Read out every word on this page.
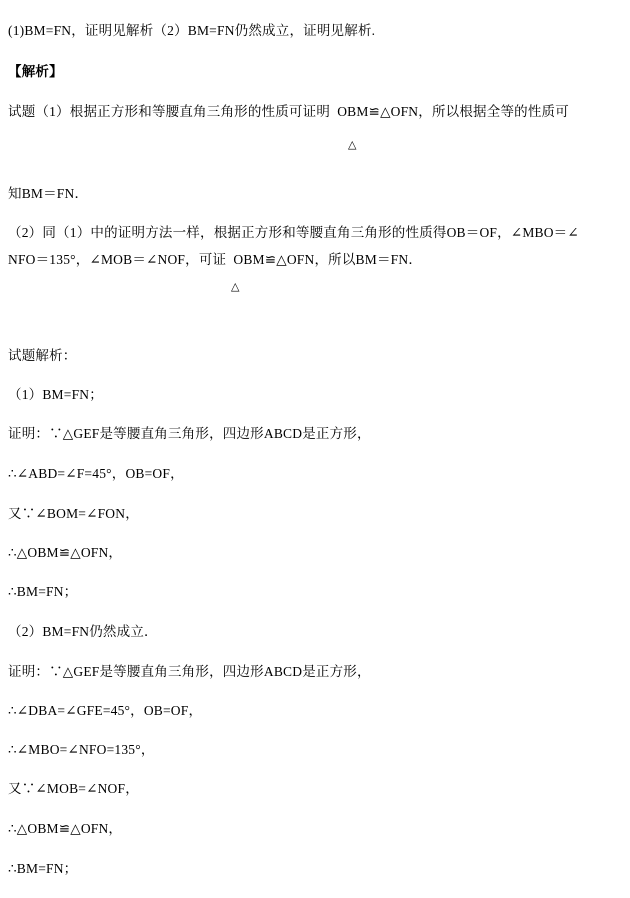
(1)BM=FN，证明见解析（2）BM=FN仍然成立，证明见解析.
【解析】
试题（1）根据正方形和等腰直角三角形的性质可证明  OBM≌△OFN，所以根据全等的性质可
△
知BM＝FN．
（2）同（1）中的证明方法一样，根据正方形和等腰直角三角形的性质得OB＝OF，∠MBO＝∠
NFO＝135°，∠MOB＝∠NOF，可证  OBM≌△OFN，所以BM＝FN．
△
试题解析：
（1）BM=FN；
证明：∵△GEF是等腰直角三角形，四边形ABCD是正方形，
∴∠ABD=∠F=45°，OB=OF，
又∵∠BOM=∠FON，
∴△OBM≌△OFN，
∴BM=FN；
（2）BM=FN仍然成立．
证明：∵△GEF是等腰直角三角形，四边形ABCD是正方形，
∴∠DBA=∠GFE=45°，OB=OF，
∴∠MBO=∠NFO=135°，
又∵∠MOB=∠NOF，
∴△OBM≌△OFN，
∴BM=FN；
